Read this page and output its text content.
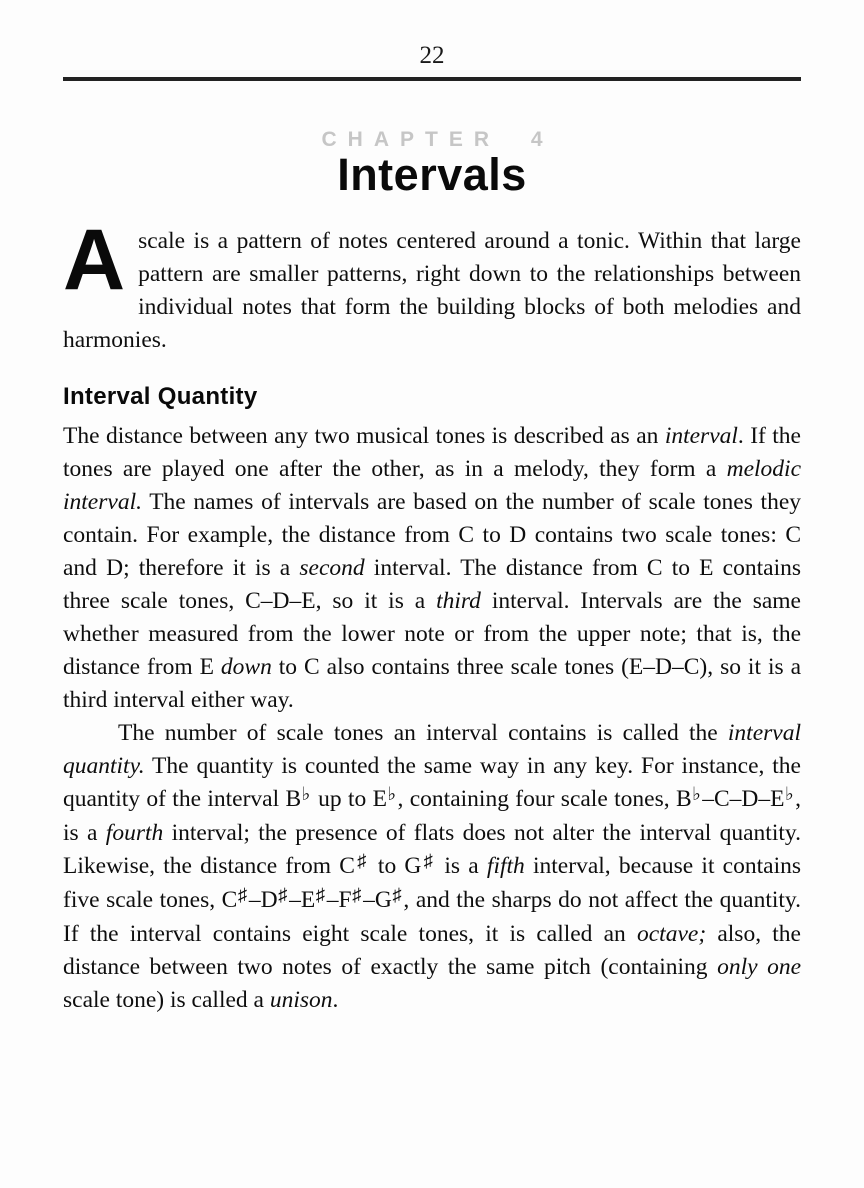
22
CHAPTER 4
Intervals

Ascale is a pattern of notes centered around a tonic. Within that large pattern are smaller patterns, right down to the relationships between individual notes that form the building blocks of both melodies and harmonies.

Interval Quantity

The distance between any two musical tones is described as an interval. If the tones are played one after the other, as in a melody, they form a melodic interval. The names of intervals are based on the number of scale tones they contain. For example, the distance from C to D contains two scale tones: C and D; therefore it is a second interval. The distance from C to E contains three scale tones, C–D–E, so it is a third interval. Intervals are the same whether measured from the lower note or from the upper note; that is, the distance from E down to C also contains three scale tones (E–D–C), so it is a third interval either way.

The number of scale tones an interval contains is called the interval quantity. The quantity is counted the same way in any key. For instance, the quantity of the interval B♭ up to E♭, containing four scale tones, B♭–C–D–E♭, is a fourth interval; the presence of flats does not alter the interval quantity. Likewise, the distance from C♯ to G♯ is a fifth interval, because it contains five scale tones, C♯–D♯–E♯–F♯–G♯, and the sharps do not affect the quantity. If the interval contains eight scale tones, it is called an octave; also, the distance between two notes of exactly the same pitch (containing only one scale tone) is called a unison.
